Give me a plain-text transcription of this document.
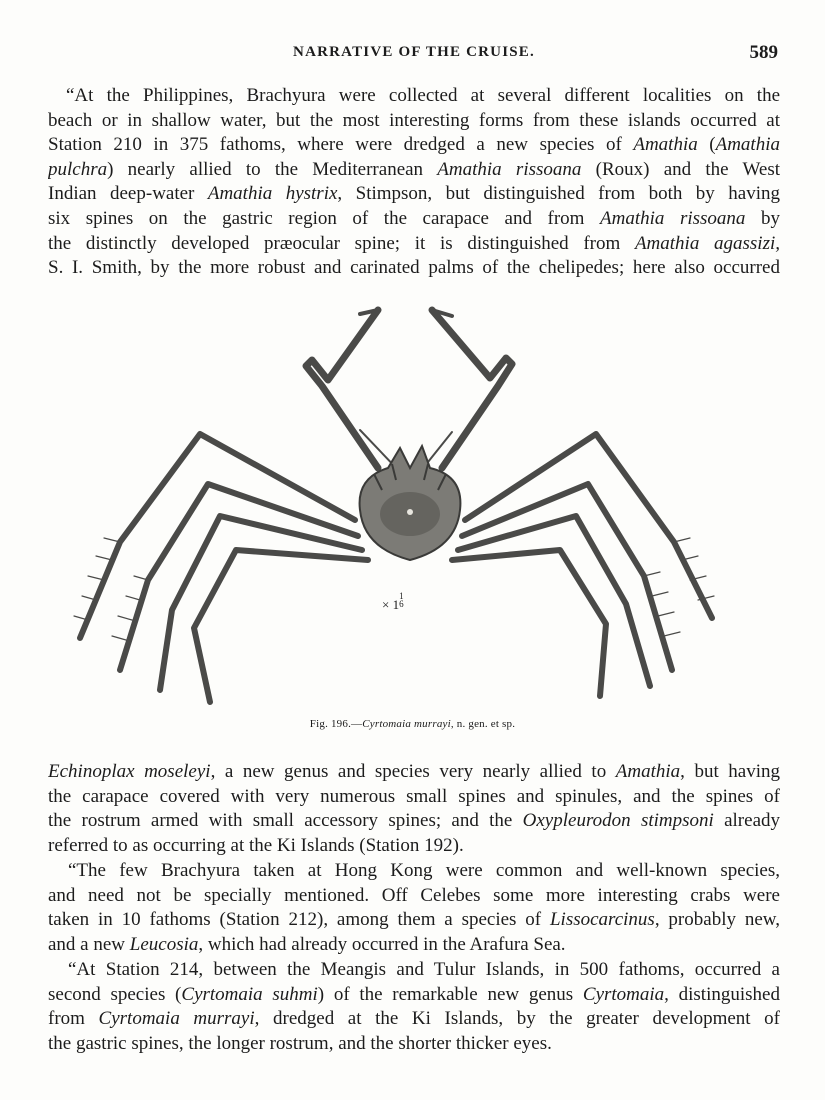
NARRATIVE OF THE CRUISE.	589
“At the Philippines, Brachyura were collected at several different localities on the
beach or in shallow water, but the most interesting forms from these islands occurred at
Station 210 in 375 fathoms, where were dredged a new species of Amathia (Amathia
pulchra) nearly allied to the Mediterranean Amathia rissoana (Roux) and the West
Indian deep-water Amathia hystrix, Stimpson, but distinguished from both by having
six spines on the gastric region of the carapace and from Amathia rissoana by
the distinctly developed præocular spine; it is distinguished from Amathia agassizi,
S. I. Smith, by the more robust and carinated palms of the chelipedes; here also occurred
× 1
1
6
Fig. 196.—Cyrtomaia murrayi, n. gen. et sp.
Echinoplax moseleyi, a new genus and species very nearly allied to Amathia, but having
the carapace covered with very numerous small spines and spinules, and the spines of
the rostrum armed with small accessory spines; and the Oxypleurodon stimpsoni already
referred to as occurring at the Ki Islands (Station 192).
“The few Brachyura taken at Hong Kong were common and well-known species,
and need not be specially mentioned. Off Celebes some more interesting crabs were
taken in 10 fathoms (Station 212), among them a species of Lissocarcinus, probably new,
and a new Leucosia, which had already occurred in the Arafura Sea.
“At Station 214, between the Meangis and Tulur Islands, in 500 fathoms, occurred a
second species (Cyrtomaia suhmi) of the remarkable new genus Cyrtomaia, distinguished
from Cyrtomaia murrayi, dredged at the Ki Islands, by the greater development of
the gastric spines, the longer rostrum, and the shorter thicker eyes.
